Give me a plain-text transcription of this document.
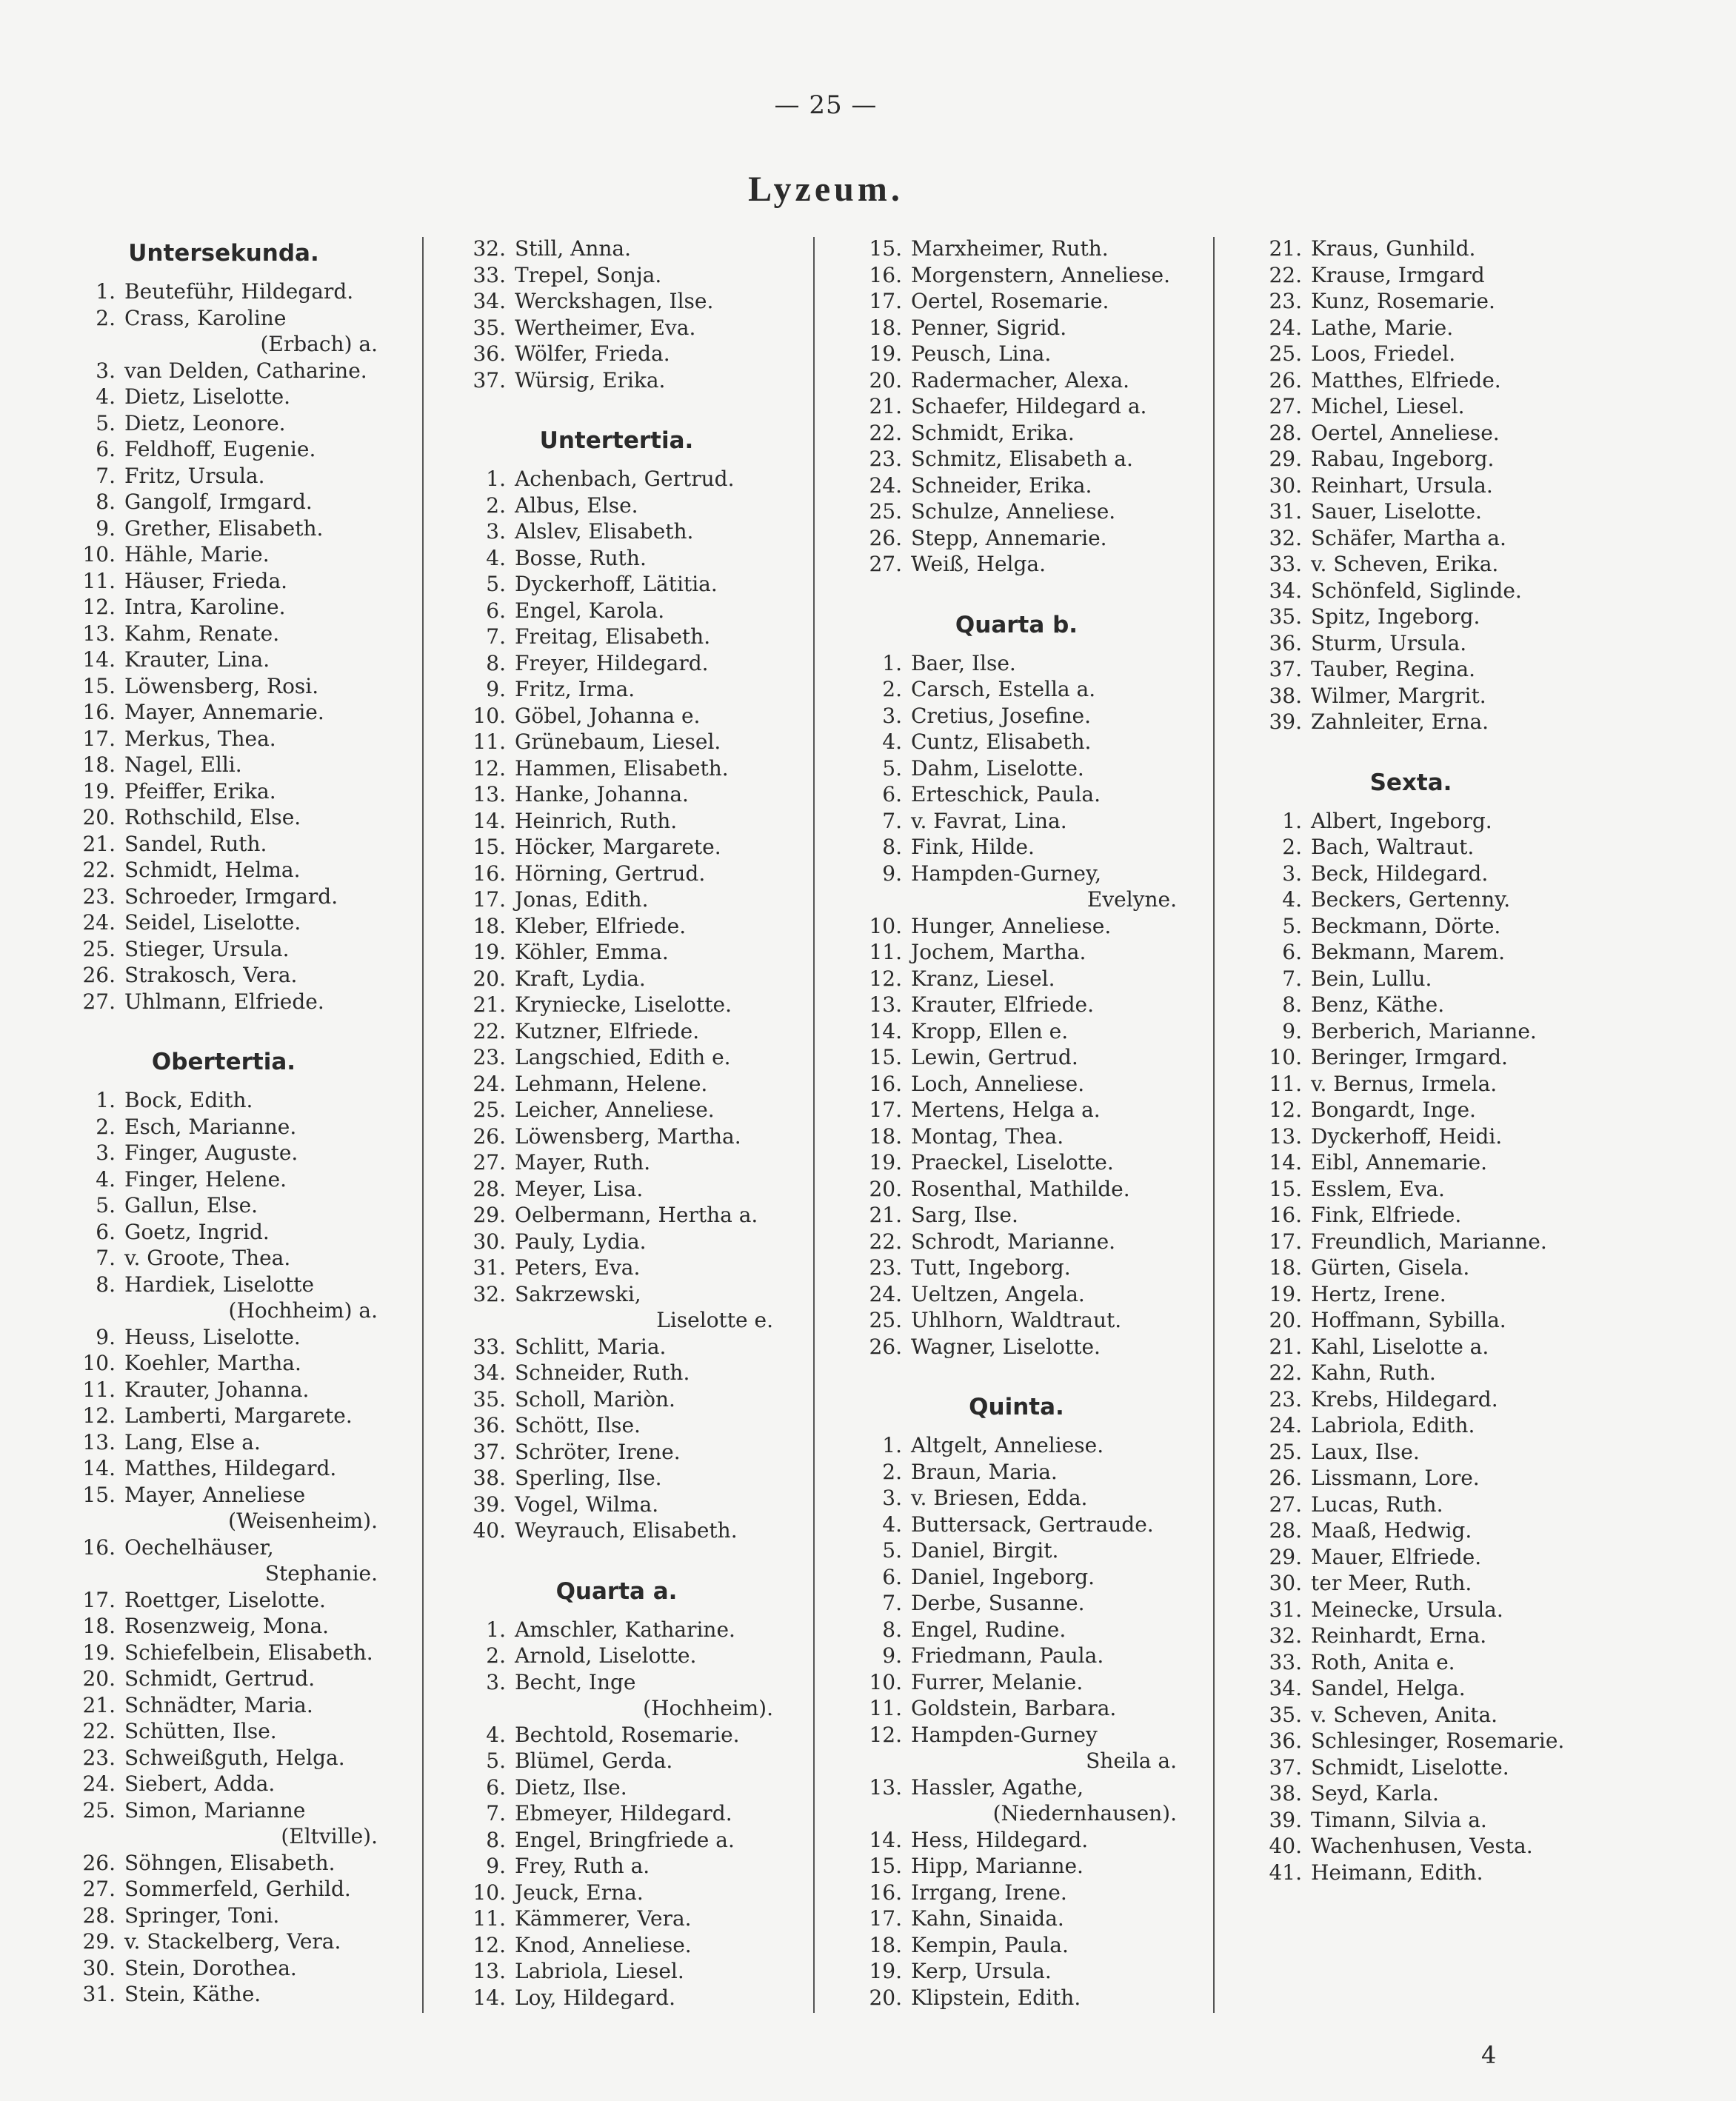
— 25 —
Lyzeum.
Untersekunda.
1. Beuteführ, Hildegard.
2. Crass, Karoline
(Erbach) a.
3. van Delden, Catharine.
4. Dietz, Liselotte.
5. Dietz, Leonore.
6. Feldhoff, Eugenie.
7. Fritz, Ursula.
8. Gangolf, Irmgard.
9. Grether, Elisabeth.
10. Hähle, Marie.
11. Häuser, Frieda.
12. Intra, Karoline.
13. Kahm, Renate.
14. Krauter, Lina.
15. Löwensberg, Rosi.
16. Mayer, Annemarie.
17. Merkus, Thea.
18. Nagel, Elli.
19. Pfeiffer, Erika.
20. Rothschild, Else.
21. Sandel, Ruth.
22. Schmidt, Helma.
23. Schroeder, Irmgard.
24. Seidel, Liselotte.
25. Stieger, Ursula.
26. Strakosch, Vera.
27. Uhlmann, Elfriede.
Obertertia.
1. Bock, Edith.
2. Esch, Marianne.
3. Finger, Auguste.
4. Finger, Helene.
5. Gallun, Else.
6. Goetz, Ingrid.
7. v. Groote, Thea.
8. Hardiek, Liselotte
(Hochheim) a.
9. Heuss, Liselotte.
10. Koehler, Martha.
11. Krauter, Johanna.
12. Lamberti, Margarete.
13. Lang, Else a.
14. Matthes, Hildegard.
15. Mayer, Anneliese
(Weisenheim).
16. Oechelhäuser,
Stephanie.
17. Roettger, Liselotte.
18. Rosenzweig, Mona.
19. Schiefelbein, Elisabeth.
20. Schmidt, Gertrud.
21. Schnädter, Maria.
22. Schütten, Ilse.
23. Schweißguth, Helga.
24. Siebert, Adda.
25. Simon, Marianne
(Eltville).
26. Söhngen, Elisabeth.
27. Sommerfeld, Gerhild.
28. Springer, Toni.
29. v. Stackelberg, Vera.
30. Stein, Dorothea.
31. Stein, Käthe.
32. Still, Anna.
33. Trepel, Sonja.
34. Werckshagen, Ilse.
35. Wertheimer, Eva.
36. Wölfer, Frieda.
37. Würsig, Erika.
Untertertia.
1. Achenbach, Gertrud.
2. Albus, Else.
3. Alslev, Elisabeth.
4. Bosse, Ruth.
5. Dyckerhoff, Lätitia.
6. Engel, Karola.
7. Freitag, Elisabeth.
8. Freyer, Hildegard.
9. Fritz, Irma.
10. Göbel, Johanna e.
11. Grünebaum, Liesel.
12. Hammen, Elisabeth.
13. Hanke, Johanna.
14. Heinrich, Ruth.
15. Höcker, Margarete.
16. Hörning, Gertrud.
17. Jonas, Edith.
18. Kleber, Elfriede.
19. Köhler, Emma.
20. Kraft, Lydia.
21. Kryniecke, Liselotte.
22. Kutzner, Elfriede.
23. Langschied, Edith e.
24. Lehmann, Helene.
25. Leicher, Anneliese.
26. Löwensberg, Martha.
27. Mayer, Ruth.
28. Meyer, Lisa.
29. Oelbermann, Hertha a.
30. Pauly, Lydia.
31. Peters, Eva.
32. Sakrzewski,
Liselotte e.
33. Schlitt, Maria.
34. Schneider, Ruth.
35. Scholl, Mariòn.
36. Schött, Ilse.
37. Schröter, Irene.
38. Sperling, Ilse.
39. Vogel, Wilma.
40. Weyrauch, Elisabeth.
Quarta a.
1. Amschler, Katharine.
2. Arnold, Liselotte.
3. Becht, Inge
(Hochheim).
4. Bechtold, Rosemarie.
5. Blümel, Gerda.
6. Dietz, Ilse.
7. Ebmeyer, Hildegard.
8. Engel, Bringfriede a.
9. Frey, Ruth a.
10. Jeuck, Erna.
11. Kämmerer, Vera.
12. Knod, Anneliese.
13. Labriola, Liesel.
14. Loy, Hildegard.
15. Marxheimer, Ruth.
16. Morgenstern, Anneliese.
17. Oertel, Rosemarie.
18. Penner, Sigrid.
19. Peusch, Lina.
20. Radermacher, Alexa.
21. Schaefer, Hildegard a.
22. Schmidt, Erika.
23. Schmitz, Elisabeth a.
24. Schneider, Erika.
25. Schulze, Anneliese.
26. Stepp, Annemarie.
27. Weiß, Helga.
Quarta b.
1. Baer, Ilse.
2. Carsch, Estella a.
3. Cretius, Josefine.
4. Cuntz, Elisabeth.
5. Dahm, Liselotte.
6. Erteschick, Paula.
7. v. Favrat, Lina.
8. Fink, Hilde.
9. Hampden-Gurney,
Evelyne.
10. Hunger, Anneliese.
11. Jochem, Martha.
12. Kranz, Liesel.
13. Krauter, Elfriede.
14. Kropp, Ellen e.
15. Lewin, Gertrud.
16. Loch, Anneliese.
17. Mertens, Helga a.
18. Montag, Thea.
19. Praeckel, Liselotte.
20. Rosenthal, Mathilde.
21. Sarg, Ilse.
22. Schrodt, Marianne.
23. Tutt, Ingeborg.
24. Ueltzen, Angela.
25. Uhlhorn, Waldtraut.
26. Wagner, Liselotte.
Quinta.
1. Altgelt, Anneliese.
2. Braun, Maria.
3. v. Briesen, Edda.
4. Buttersack, Gertraude.
5. Daniel, Birgit.
6. Daniel, Ingeborg.
7. Derbe, Susanne.
8. Engel, Rudine.
9. Friedmann, Paula.
10. Furrer, Melanie.
11. Goldstein, Barbara.
12. Hampden-Gurney
Sheila a.
13. Hassler, Agathe,
(Niedernhausen).
14. Hess, Hildegard.
15. Hipp, Marianne.
16. Irrgang, Irene.
17. Kahn, Sinaida.
18. Kempin, Paula.
19. Kerp, Ursula.
20. Klipstein, Edith.
21. Kraus, Gunhild.
22. Krause, Irmgard
23. Kunz, Rosemarie.
24. Lathe, Marie.
25. Loos, Friedel.
26. Matthes, Elfriede.
27. Michel, Liesel.
28. Oertel, Anneliese.
29. Rabau, Ingeborg.
30. Reinhart, Ursula.
31. Sauer, Liselotte.
32. Schäfer, Martha a.
33. v. Scheven, Erika.
34. Schönfeld, Siglinde.
35. Spitz, Ingeborg.
36. Sturm, Ursula.
37. Tauber, Regina.
38. Wilmer, Margrit.
39. Zahnleiter, Erna.
Sexta.
1. Albert, Ingeborg.
2. Bach, Waltraut.
3. Beck, Hildegard.
4. Beckers, Gertenny.
5. Beckmann, Dörte.
6. Bekmann, Marem.
7. Bein, Lullu.
8. Benz, Käthe.
9. Berberich, Marianne.
10. Beringer, Irmgard.
11. v. Bernus, Irmela.
12. Bongardt, Inge.
13. Dyckerhoff, Heidi.
14. Eibl, Annemarie.
15. Esslem, Eva.
16. Fink, Elfriede.
17. Freundlich, Marianne.
18. Gürten, Gisela.
19. Hertz, Irene.
20. Hoffmann, Sybilla.
21. Kahl, Liselotte a.
22. Kahn, Ruth.
23. Krebs, Hildegard.
24. Labriola, Edith.
25. Laux, Ilse.
26. Lissmann, Lore.
27. Lucas, Ruth.
28. Maaß, Hedwig.
29. Mauer, Elfriede.
30. ter Meer, Ruth.
31. Meinecke, Ursula.
32. Reinhardt, Erna.
33. Roth, Anita e.
34. Sandel, Helga.
35. v. Scheven, Anita.
36. Schlesinger, Rosemarie.
37. Schmidt, Liselotte.
38. Seyd, Karla.
39. Timann, Silvia a.
40. Wachenhusen, Vesta.
41. Heimann, Edith.
4
